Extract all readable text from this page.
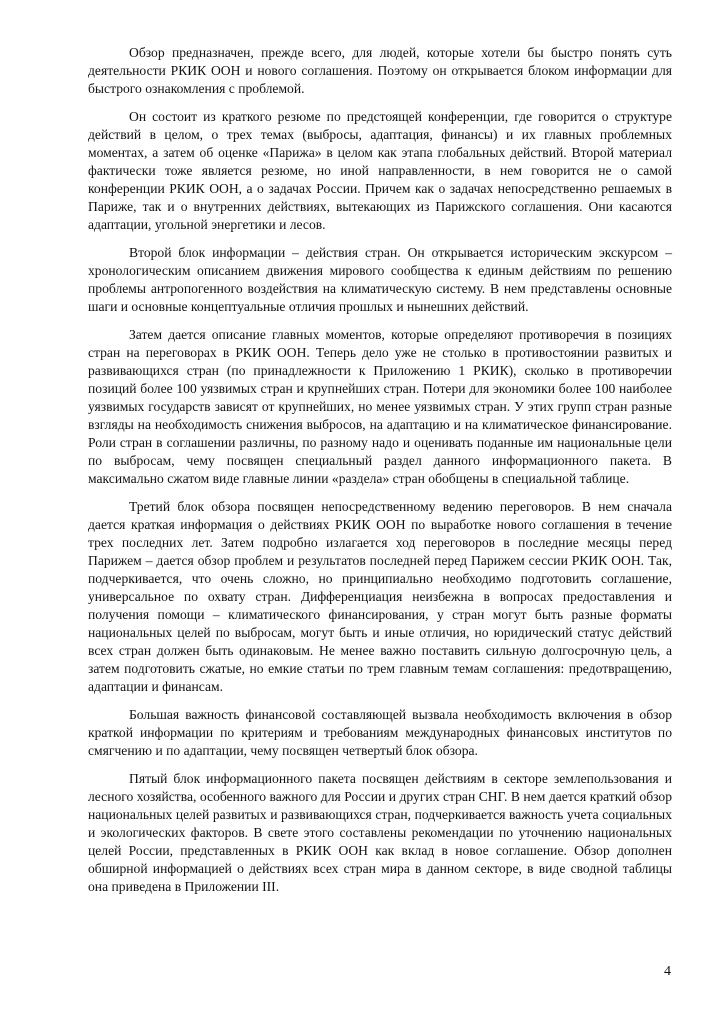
Обзор предназначен, прежде всего, для людей, которые хотели бы быстро понять суть деятельности РКИК ООН и нового соглашения. Поэтому он открывается блоком информации для быстрого ознакомления с проблемой.

Он состоит из краткого резюме по предстоящей конференции, где говорится о структуре действий в целом, о трех темах (выбросы, адаптация, финансы) и их главных проблемных моментах, а затем об оценке «Парижа» в целом как этапа глобальных действий. Второй материал фактически тоже является резюме, но иной направленности, в нем говорится не о самой конференции РКИК ООН, а о задачах России. Причем как о задачах непосредственно решаемых в Париже, так и о внутренних действиях, вытекающих из Парижского соглашения. Они касаются адаптации, угольной энергетики и лесов.

Второй блок информации – действия стран. Он открывается историческим экскурсом – хронологическим описанием движения мирового сообщества к единым действиям по решению проблемы антропогенного воздействия на климатическую систему. В нем представлены основные шаги и основные концептуальные отличия прошлых и нынешних действий.

Затем дается описание главных моментов, которые определяют противоречия в позициях стран на переговорах в РКИК ООН. Теперь дело уже не столько в противостоянии развитых и развивающихся стран (по принадлежности к Приложению 1 РКИК), сколько в противоречии позиций более 100 уязвимых стран и крупнейших стран. Потери для экономики более 100 наиболее уязвимых государств зависят от крупнейших, но менее уязвимых стран. У этих групп стран разные взгляды на необходимость снижения выбросов, на адаптацию и на климатическое финансирование. Роли стран в соглашении различны, по разному надо и оценивать поданные им национальные цели по выбросам, чему посвящен специальный раздел данного информационного пакета. В максимально сжатом виде главные линии «раздела» стран обобщены в специальной таблице.

Третий блок обзора посвящен непосредственному ведению переговоров. В нем сначала дается краткая информация о действиях РКИК ООН по выработке нового соглашения в течение трех последних лет. Затем подробно излагается ход переговоров в последние месяцы перед Парижем – дается обзор проблем и результатов последней перед Парижем сессии РКИК ООН. Так, подчеркивается, что очень сложно, но принципиально необходимо подготовить соглашение, универсальное по охвату стран. Дифференциация неизбежна в вопросах предоставления и получения помощи – климатического финансирования, у стран могут быть разные форматы национальных целей по выбросам, могут быть и иные отличия, но юридический статус действий всех стран должен быть одинаковым. Не менее важно поставить сильную долгосрочную цель, а затем подготовить сжатые, но емкие статьи по трем главным темам соглашения: предотвращению, адаптации и финансам.

Большая важность финансовой составляющей вызвала необходимость включения в обзор краткой информации по критериям и требованиям международных финансовых институтов по смягчению и по адаптации, чему посвящен четвертый блок обзора.

Пятый блок информационного пакета посвящен действиям в секторе землепользования и лесного хозяйства, особенного важного для России и других стран СНГ. В нем дается краткий обзор национальных целей развитых и развивающихся стран, подчеркивается важность учета социальных и экологических факторов. В свете этого составлены рекомендации по уточнению национальных целей России, представленных в РКИК ООН как вклад в новое соглашение. Обзор дополнен обширной информацией о действиях всех стран мира в данном секторе, в виде сводной таблицы она приведена в Приложении III.

4
